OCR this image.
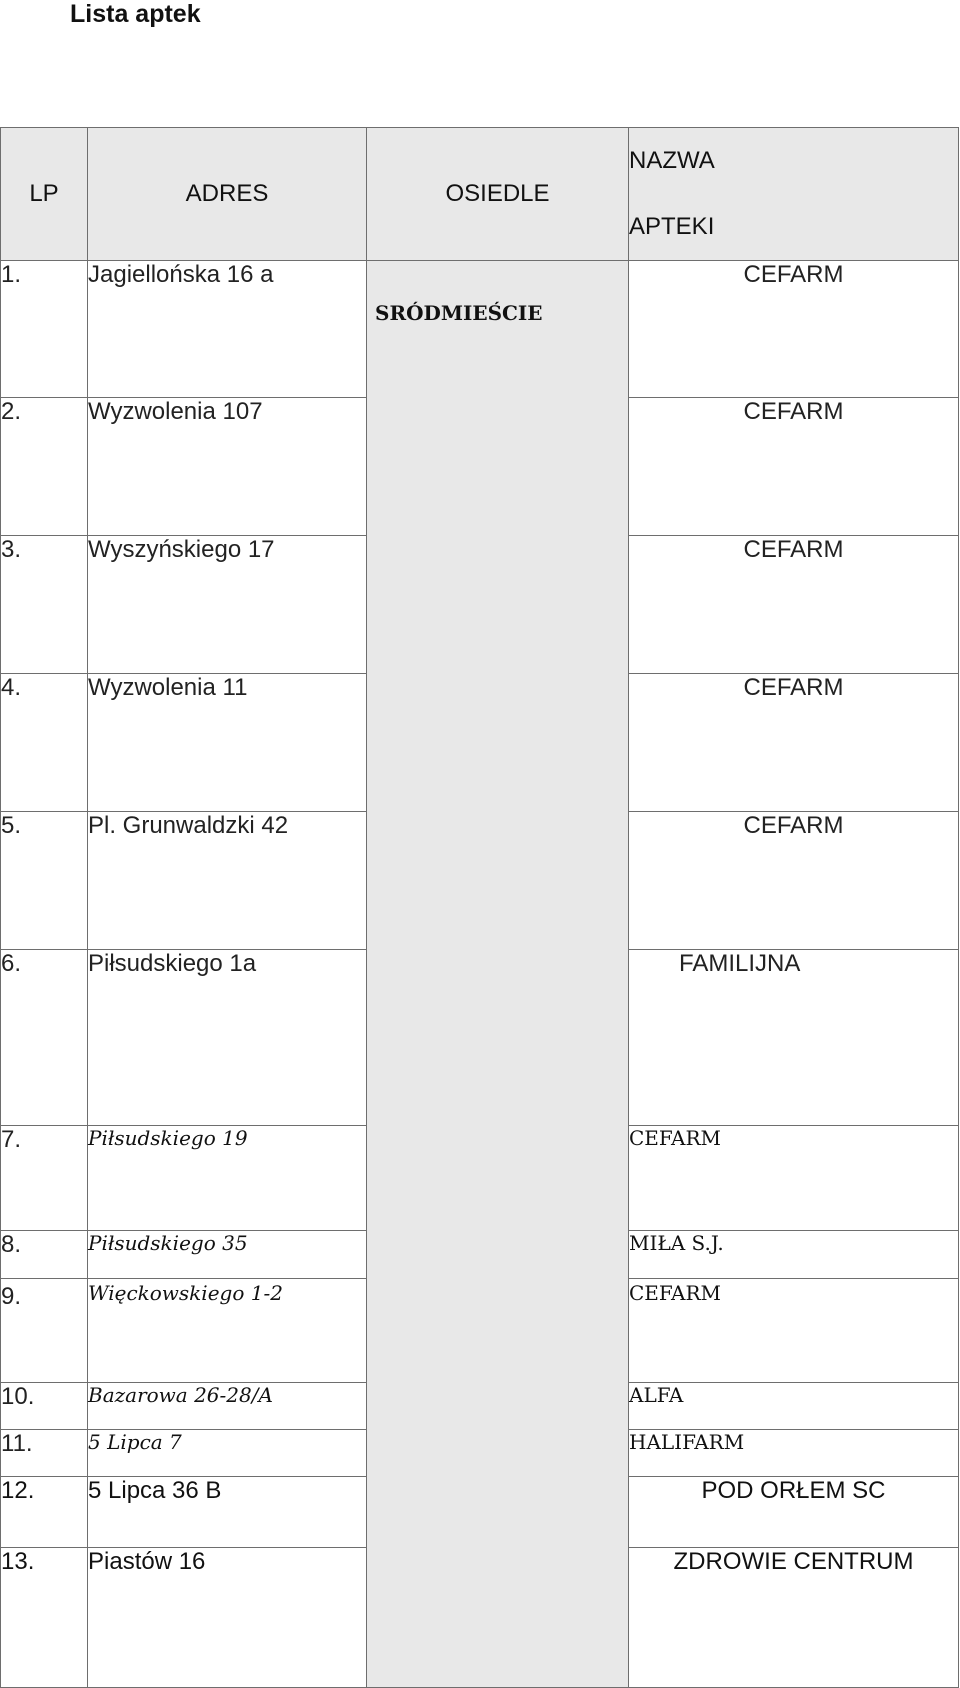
Lista aptek
LP	ADRES	OSIEDLE	NAZWA
APTEKI
1.	Jagiellońska 16 a	SRÓDMIEŚCIE	CEFARM
2.	Wyzwolenia 107		CEFARM
3.	Wyszyńskiego 17		CEFARM
4.	Wyzwolenia 11		CEFARM
5.	Pl. Grunwaldzki 42		CEFARM
6.	Piłsudskiego 1a		FAMILIJNA
7.	Piłsudskiego 19		CEFARM
8.	Piłsudskiego 35		MIŁA S.J.
9.	Więckowskiego 1-2		CEFARM
10.	Bazarowa 26-28/A		ALFA
11.	5 Lipca 7		HALIFARM
12.	5 Lipca 36 B		POD ORŁEM SC
13.	Piastów 16		ZDROWIE CENTRUM
